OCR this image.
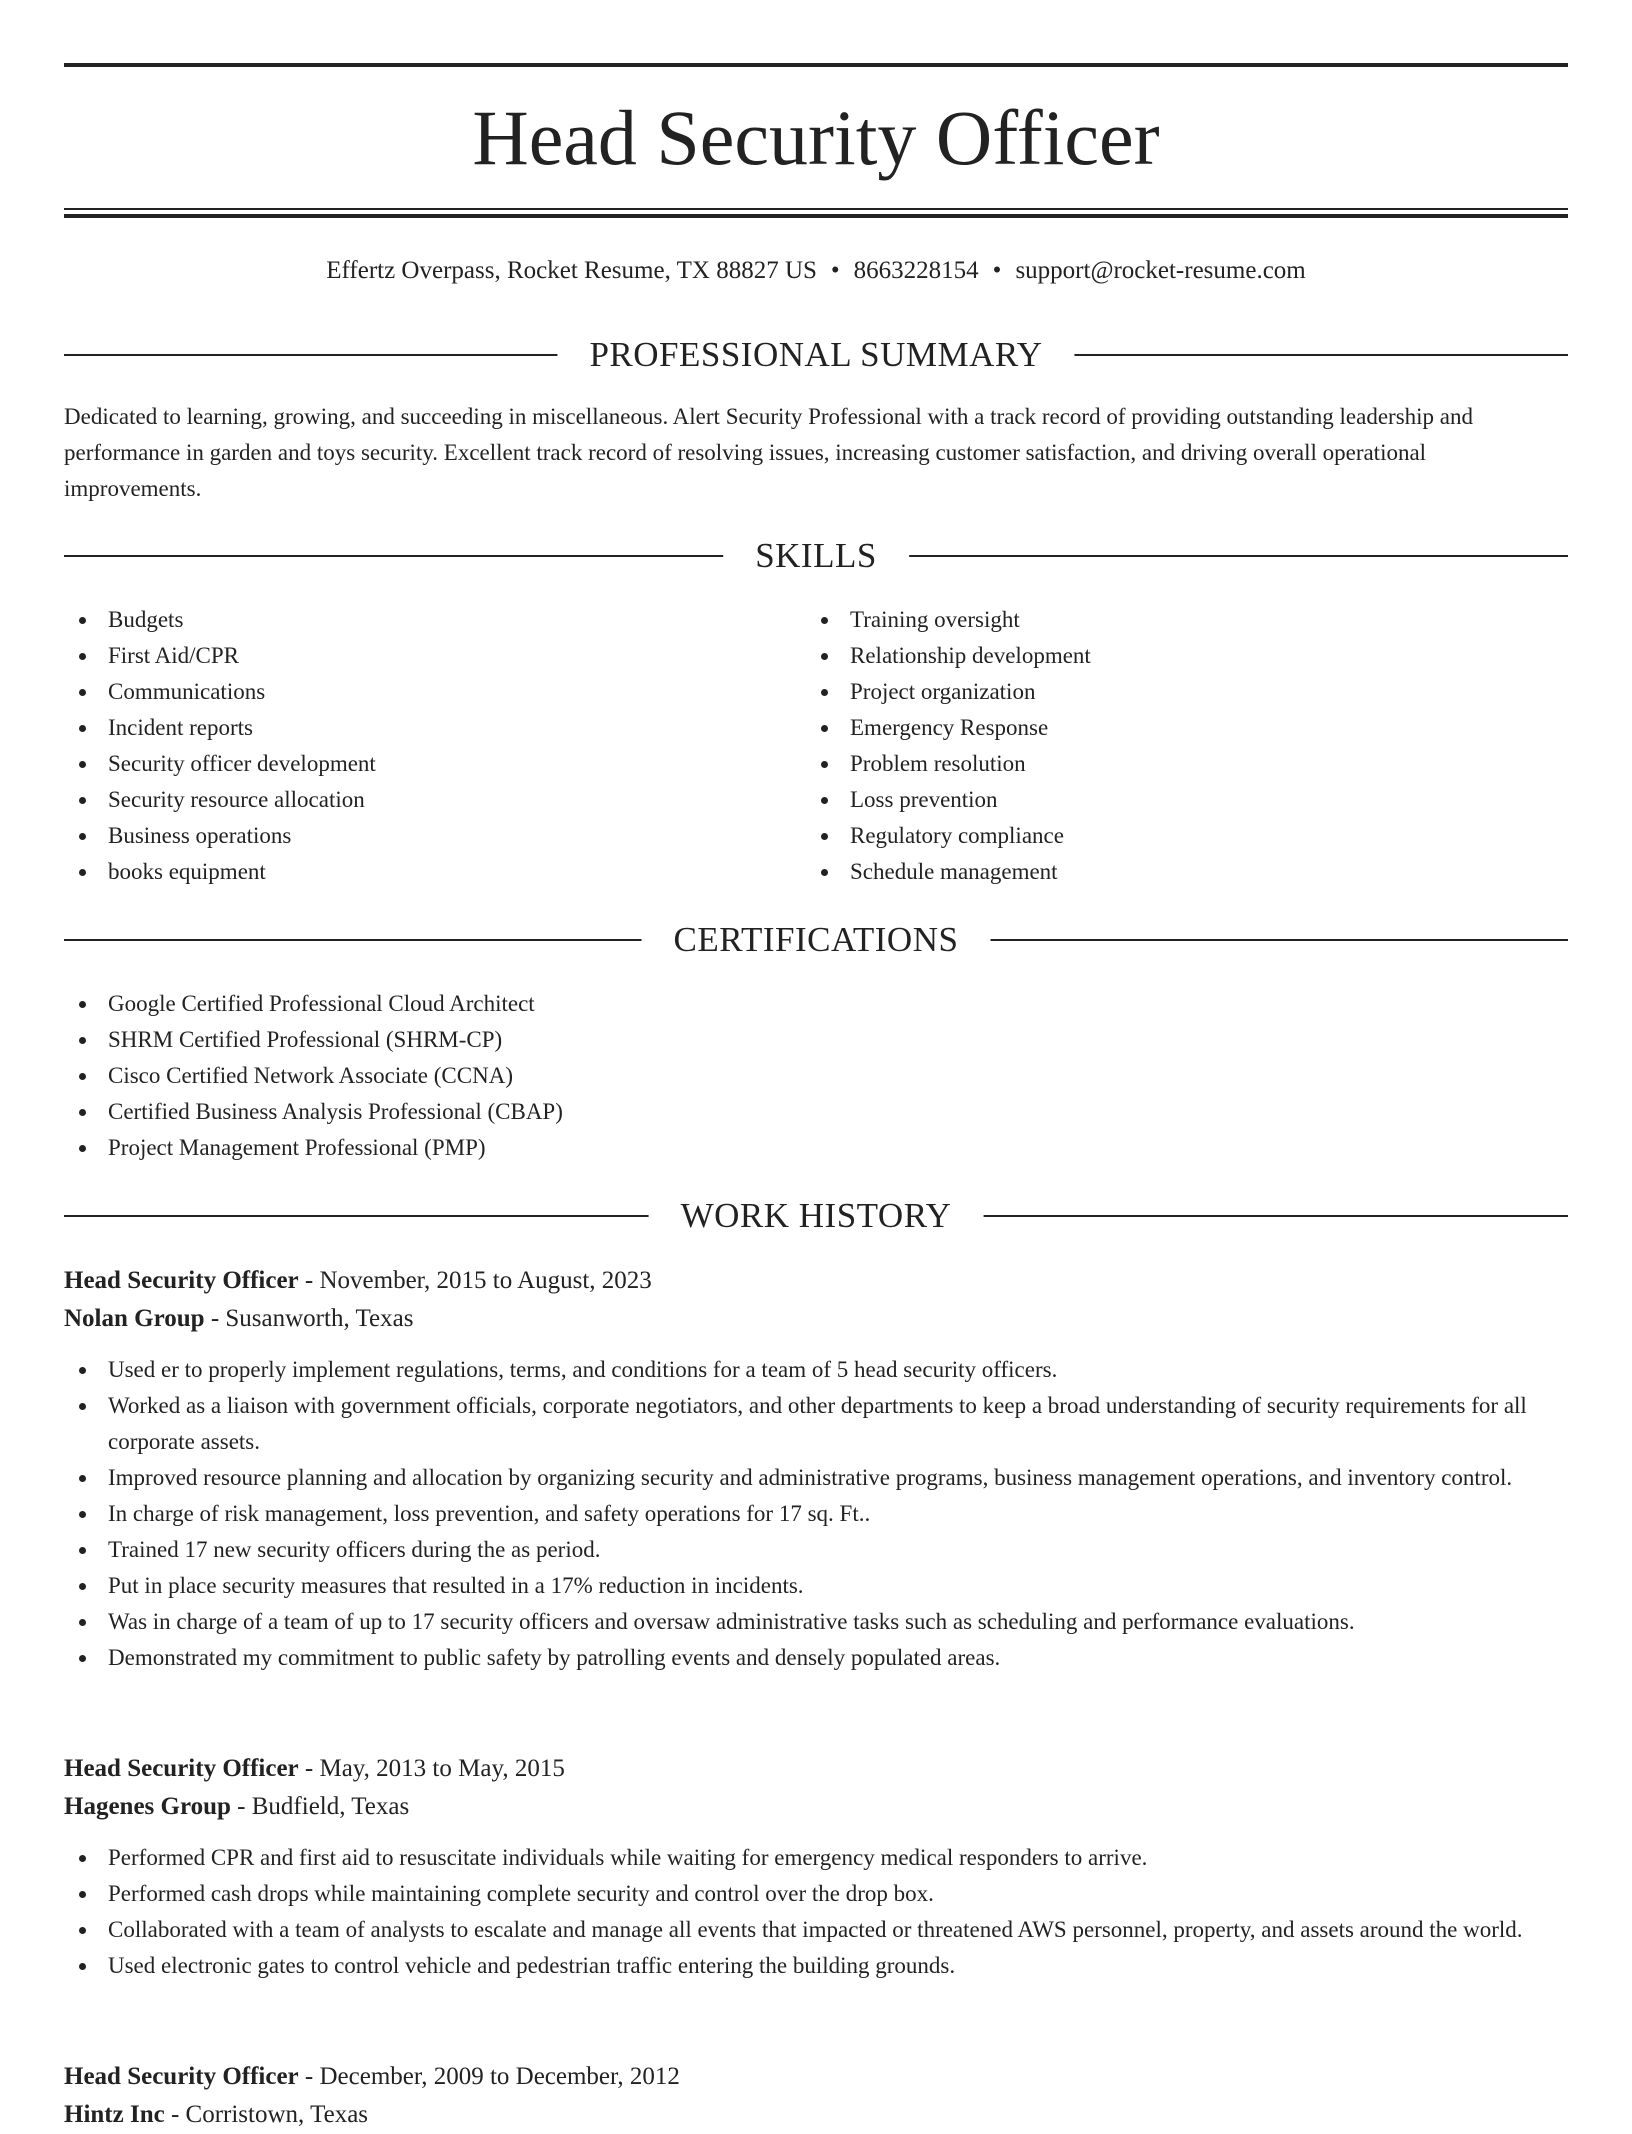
Head Security Officer
Effertz Overpass, Rocket Resume, TX 88827 US • 8663228154 • support@rocket-resume.com
PROFESSIONAL SUMMARY

Dedicated to learning, growing, and succeeding in miscellaneous. Alert Security Professional with a track record of providing outstanding leadership and performance in garden and toys security. Excellent track record of resolving issues, increasing customer satisfaction, and driving overall operational improvements.

SKILLS
Budgets
First Aid/CPR
Communications
Incident reports
Security officer development
Security resource allocation
Business operations
books equipment
Training oversight
Relationship development
Project organization
Emergency Response
Problem resolution
Loss prevention
Regulatory compliance
Schedule management
CERTIFICATIONS
Google Certified Professional Cloud Architect
SHRM Certified Professional (SHRM-CP)
Cisco Certified Network Associate (CCNA)
Certified Business Analysis Professional (CBAP)
Project Management Professional (PMP)
WORK HISTORY

Head Security Officer - November, 2015 to August, 2023

Nolan Group - Susanworth, Texas

Used er to properly implement regulations, terms, and conditions for a team of 5 head security officers.
Worked as a liaison with government officials, corporate negotiators, and other departments to keep a broad understanding of security requirements for all corporate assets.
Improved resource planning and allocation by organizing security and administrative programs, business management operations, and inventory control.
In charge of risk management, loss prevention, and safety operations for 17 sq. Ft..
Trained 17 new security officers during the as period.
Put in place security measures that resulted in a 17% reduction in incidents.
Was in charge of a team of up to 17 security officers and oversaw administrative tasks such as scheduling and performance evaluations.
Demonstrated my commitment to public safety by patrolling events and densely populated areas.

Head Security Officer - May, 2013 to May, 2015

Hagenes Group - Budfield, Texas

Performed CPR and first aid to resuscitate individuals while waiting for emergency medical responders to arrive.
Performed cash drops while maintaining complete security and control over the drop box.
Collaborated with a team of analysts to escalate and manage all events that impacted or threatened AWS personnel, property, and assets around the world.
Used electronic gates to control vehicle and pedestrian traffic entering the building grounds.

Head Security Officer - December, 2009 to December, 2012

Hintz Inc - Corristown, Texas
